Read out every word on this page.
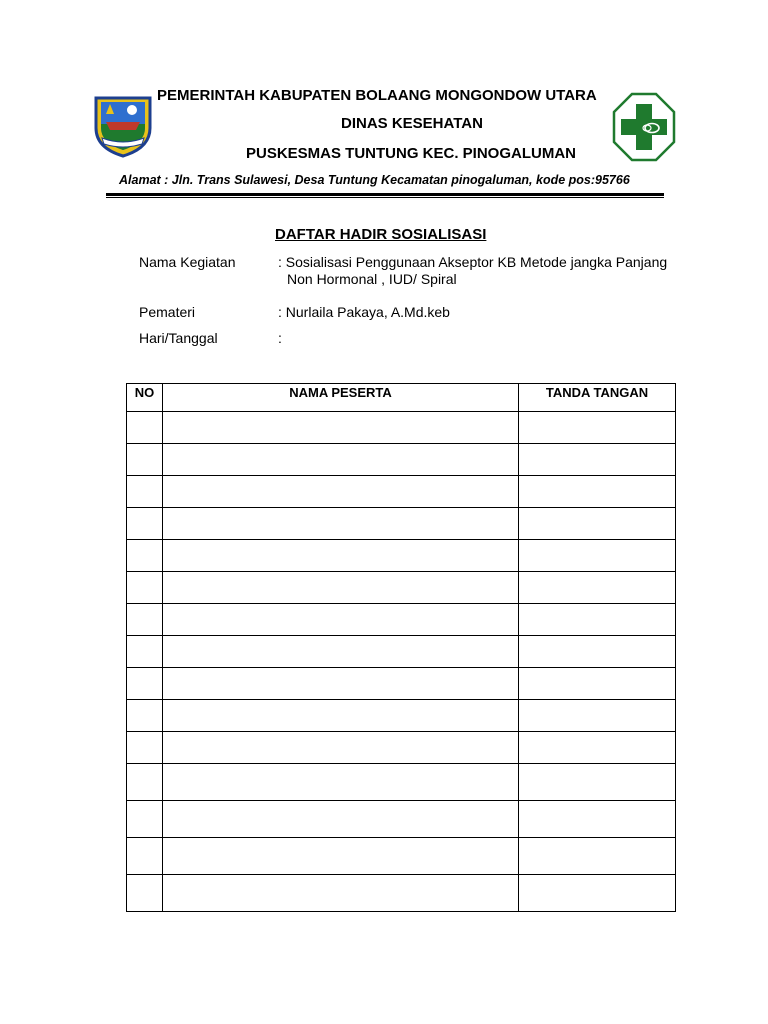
PEMERINTAH KABUPATEN BOLAANG MONGONDOW UTARA
DINAS KESEHATAN
PUSKESMAS TUNTUNG KEC. PINOGALUMAN
Alamat : Jln. Trans Sulawesi, Desa Tuntung Kecamatan pinogaluman, kode pos:95766
DAFTAR HADIR SOSIALISASI
Nama Kegiatan	: Sosialisasi Penggunaan Akseptor KB Metode jangka Panjang Non Hormonal , IUD/ Spiral
Pemateri	: Nurlaila Pakaya, A.Md.keb
Hari/Tanggal	:
NO	NAMA PESERTA	TANDA TANGAN
